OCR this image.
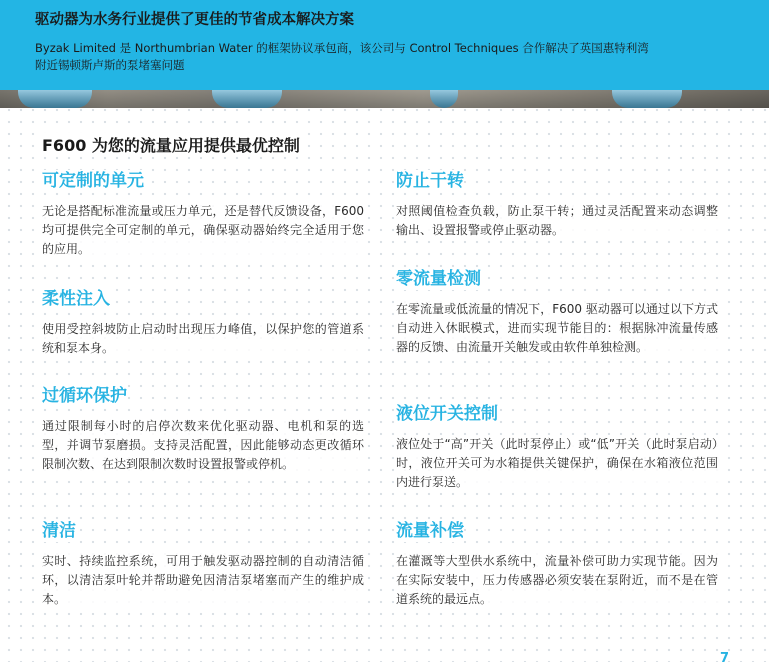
驱动器为水务行业提供了更佳的节省成本解决方案
Byzak Limited 是 Northumbrian Water 的框架协议承包商，该公司与 Control Techniques 合作解决了英国惠特利湾附近锡顿斯卢斯的泵堵塞问题
F600 为您的流量应用提供最优控制
可定制的单元

无论是搭配标准流量或压力单元，还是替代反馈设备，F600 均可提供完全可定制的单元，确保驱动器始终完全适用于您的应用。

柔性注入

使用受控斜坡防止启动时出现压力峰值，以保护您的管道系统和泵本身。

过循环保护

通过限制每小时的启停次数来优化驱动器、电机和泵的选型，并调节泵磨损。支持灵活配置，因此能够动态更改循环限制次数、在达到限制次数时设置报警或停机。

清洁

实时、持续监控系统，可用于触发驱动器控制的自动清洁循环，以清洁泵叶轮并帮助避免因清洁泵堵塞而产生的维护成本。

防止干转

对照阈值检查负载，防止泵干转；通过灵活配置来动态调整输出、设置报警或停止驱动器。

零流量检测

在零流量或低流量的情况下，F600 驱动器可以通过以下方式自动进入休眠模式，进而实现节能目的：根据脉冲流量传感器的反馈、由流量开关触发或由软件单独检测。

液位开关控制

液位处于“高”开关（此时泵停止）或“低”开关（此时泵启动）时，液位开关可为水箱提供关键保护，确保在水箱液位范围内进行泵送。

流量补偿

在灌溉等大型供水系统中，流量补偿可助力实现节能。因为在实际安装中，压力传感器必须安装在泵附近，而不是在管道系统的最远点。

7
